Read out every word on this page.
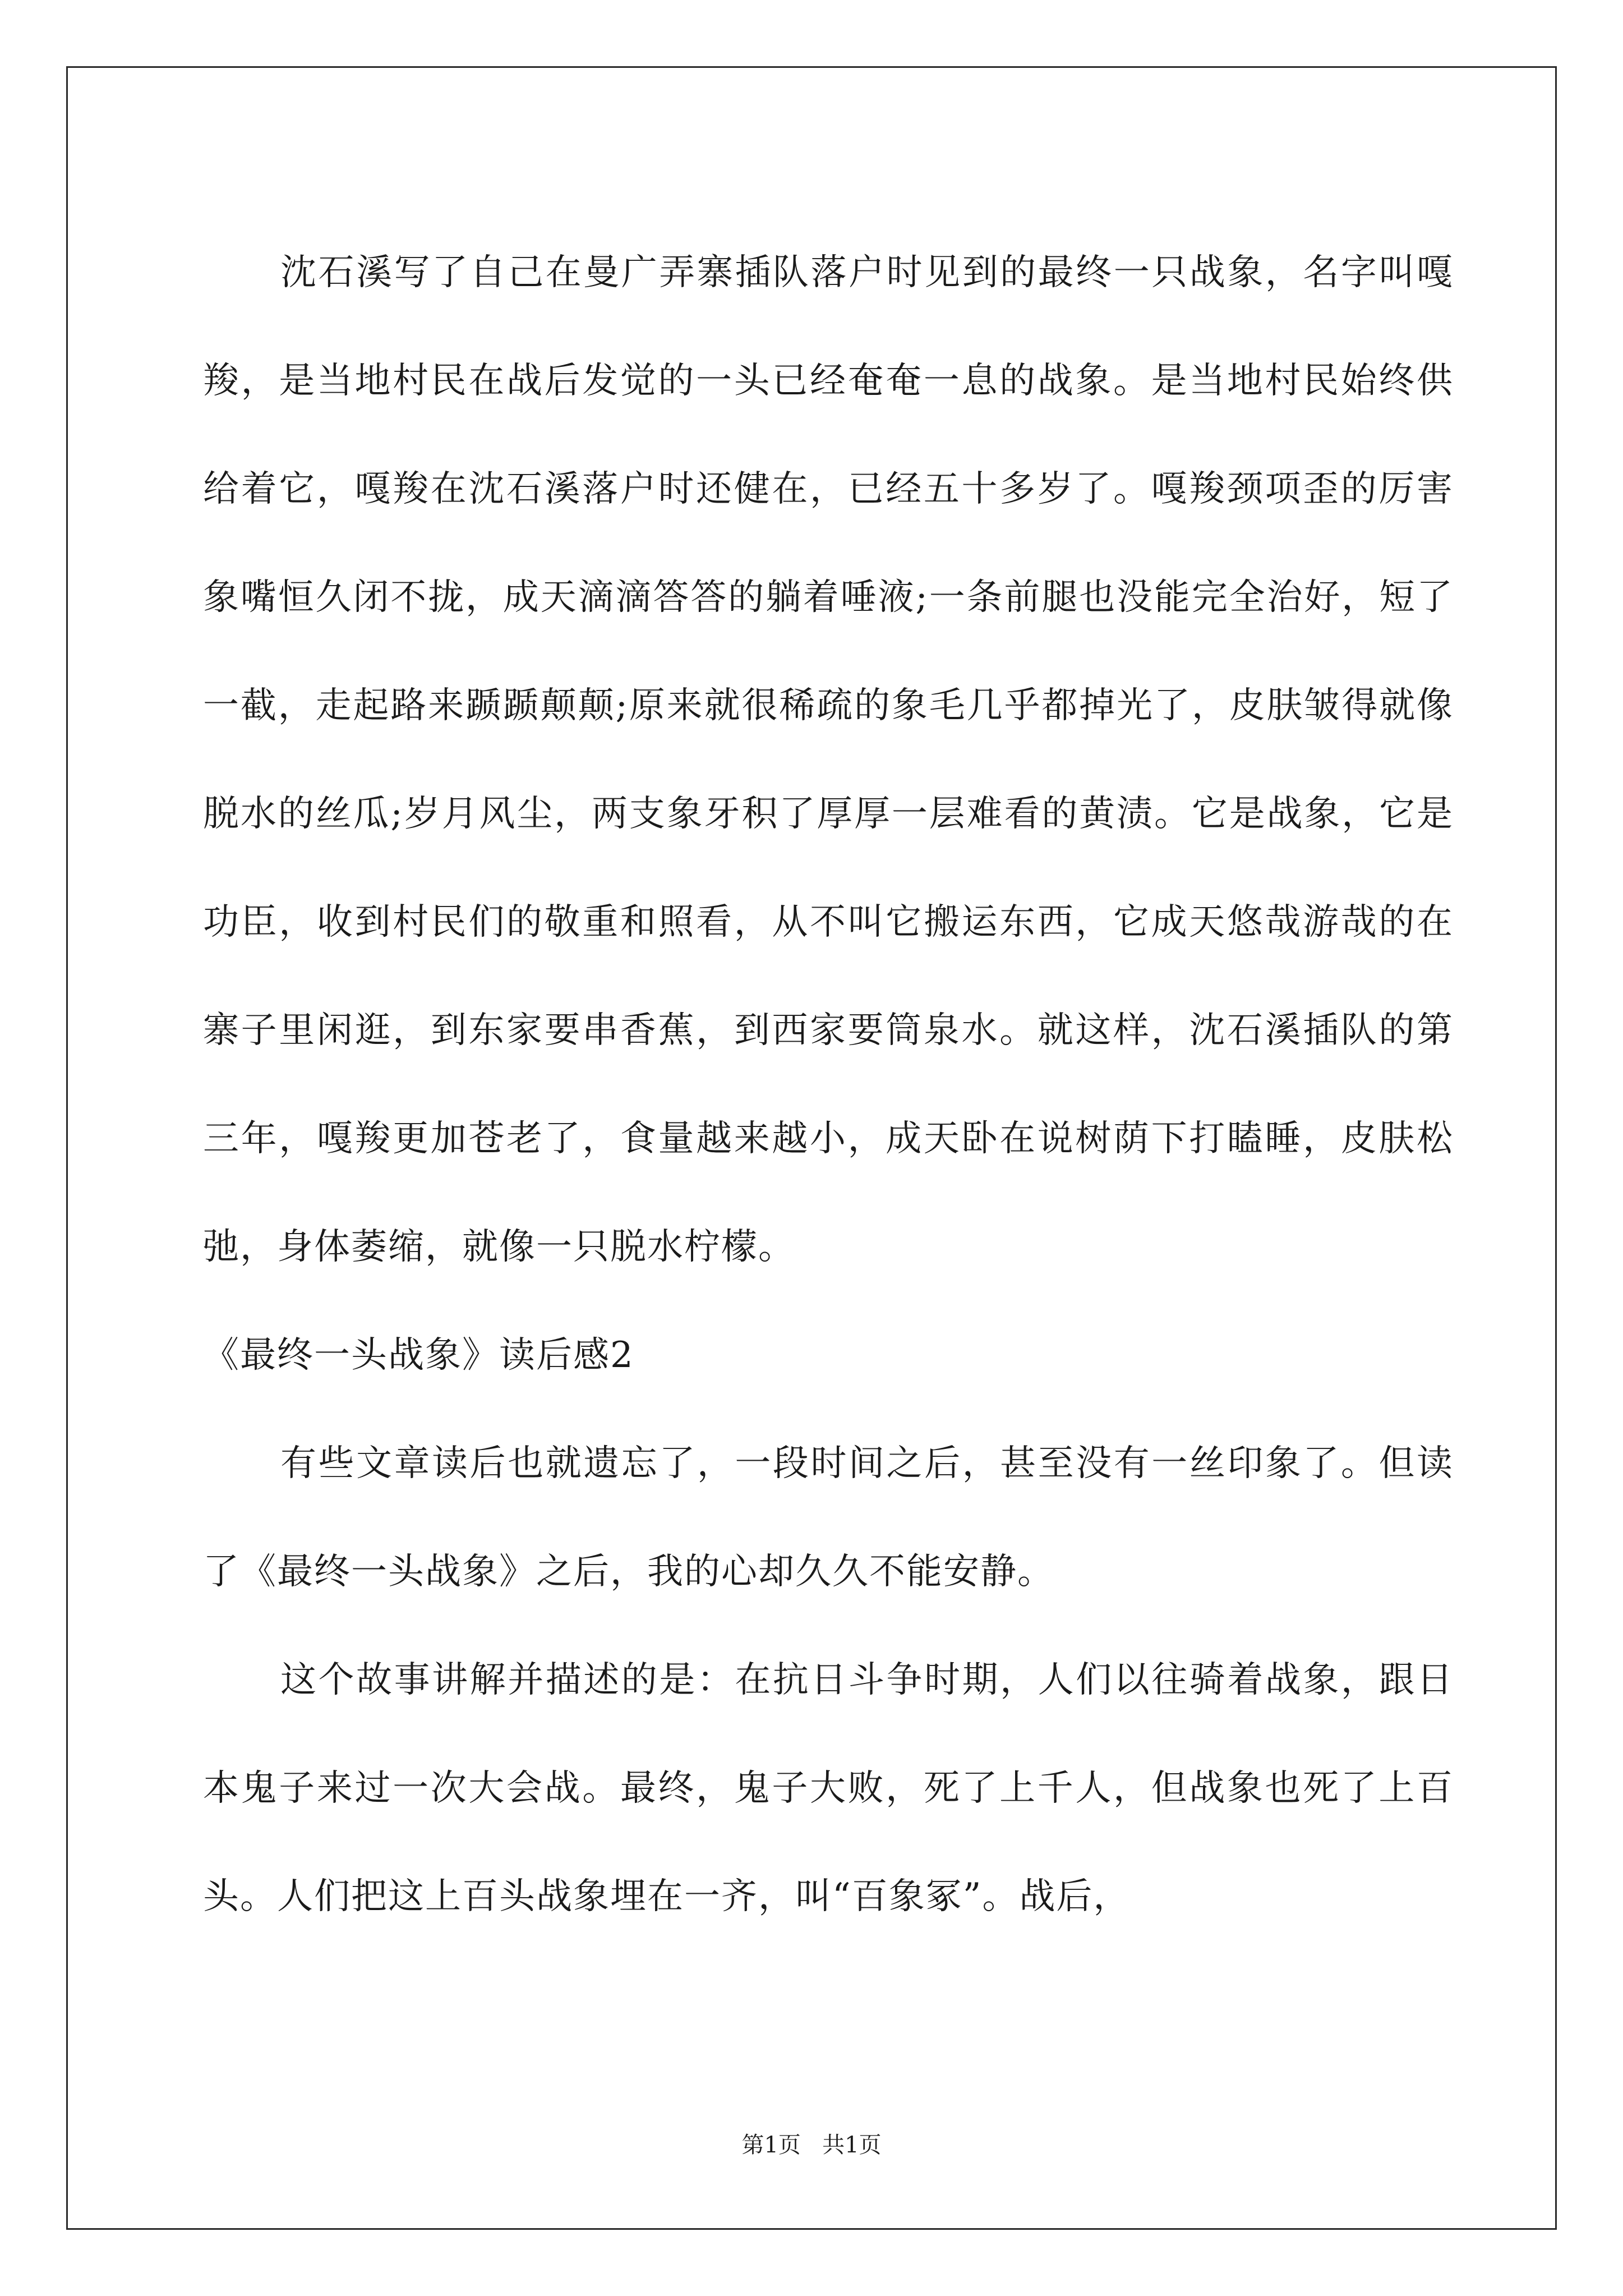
沈石溪写了自己在曼广弄寨插队落户时见到的最终一只战象，名字叫嘎羧，是当地村民在战后发觉的一头已经奄奄一息的战象。是当地村民始终供给着它，嘎羧在沈石溪落户时还健在，已经五十多岁了。嘎羧颈项歪的厉害象嘴恒久闭不拢，成天滴滴答答的躺着唾液;一条前腿也没能完全治好，短了一截，走起路来踬踬颠颠;原来就很稀疏的象毛几乎都掉光了，皮肤皱得就像脱水的丝瓜;岁月风尘，两支象牙积了厚厚一层难看的黄渍。它是战象，它是功臣，收到村民们的敬重和照看，从不叫它搬运东西，它成天悠哉游哉的在寨子里闲逛，到东家要串香蕉，到西家要筒泉水。就这样，沈石溪插队的第三年，嘎羧更加苍老了，食量越来越小，成天卧在说树荫下打瞌睡，皮肤松弛，身体萎缩，就像一只脱水柠檬。

《最终一头战象》读后感2

有些文章读后也就遗忘了，一段时间之后，甚至没有一丝印象了。但读了《最终一头战象》之后，我的心却久久不能安静。

这个故事讲解并描述的是：在抗日斗争时期，人们以往骑着战象，跟日本鬼子来过一次大会战。最终，鬼子大败，死了上千人，但战象也死了上百头。人们把这上百头战象埋在一齐，叫“百象冢”。战后，

第1页 共1页
